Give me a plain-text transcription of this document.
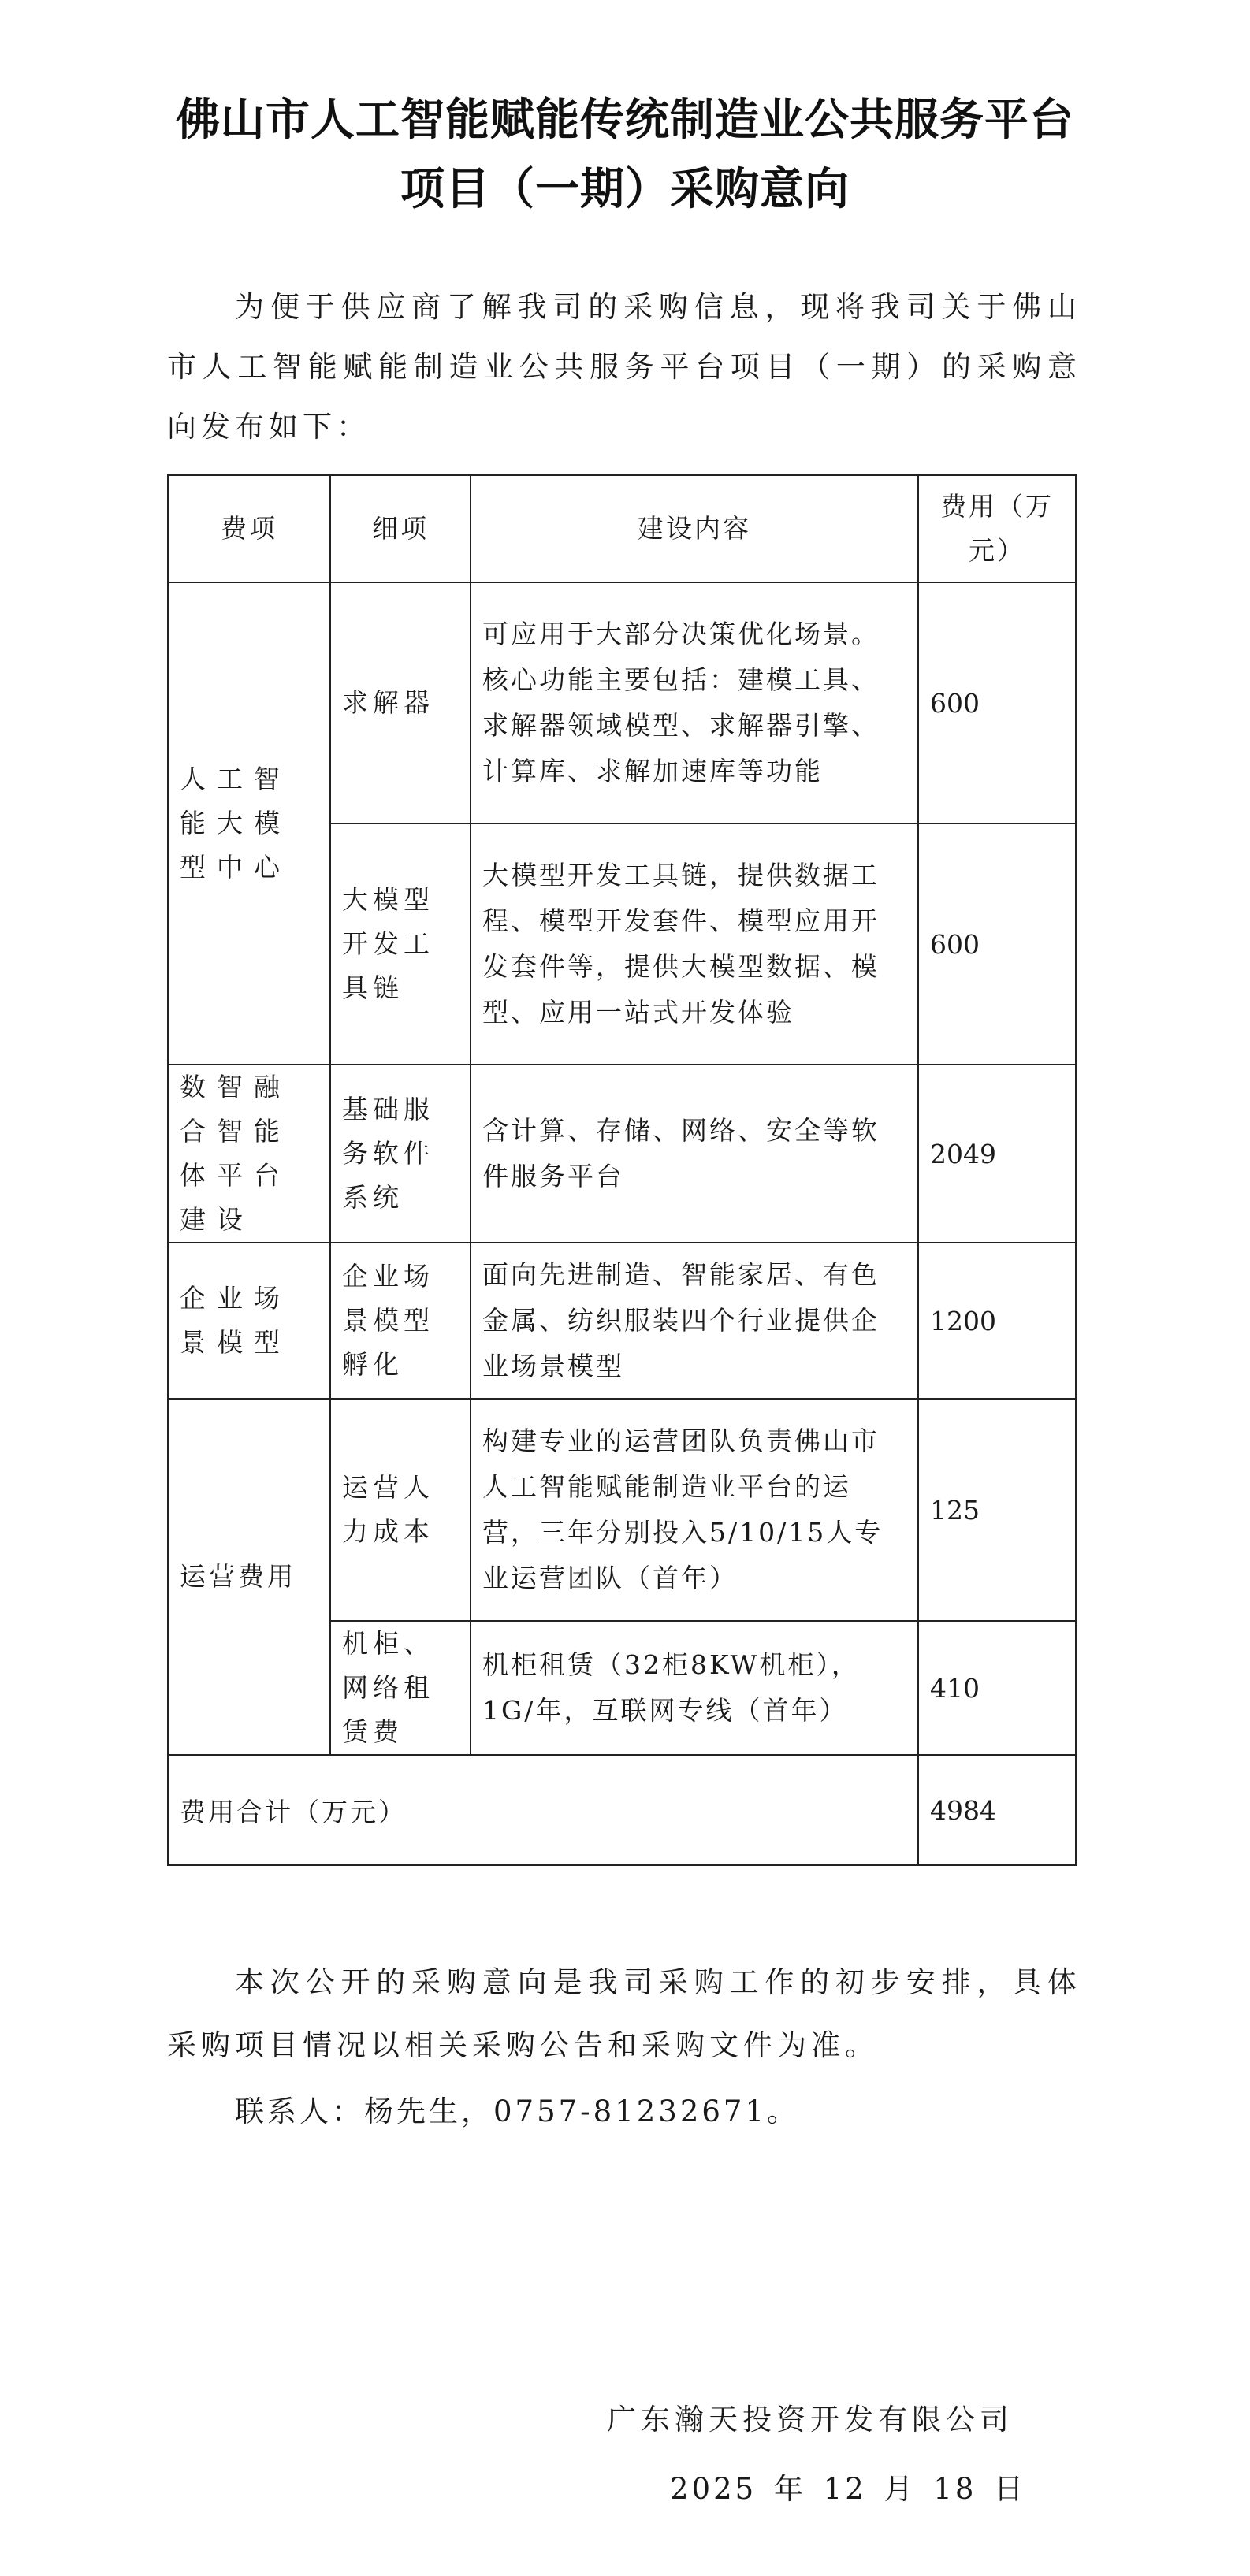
佛山市人工智能赋能传统制造业公共服务平台
项目（一期）采购意向

为便于供应商了解我司的采购信息，现将我司关于佛山市人工智能赋能制造业公共服务平台项目（一期）的采购意向发布如下：

费项	细项	建设内容	费用（万元）
人工智能大模型中心	求解器	可应用于大部分决策优化场景。核心功能主要包括：建模工具、求解器领域模型、求解器引擎、计算库、求解加速库等功能	600
	大模型开发工具链	大模型开发工具链，提供数据工程、模型开发套件、模型应用开发套件等，提供大模型数据、模型、应用一站式开发体验	600
数智融合智能体平台建设	基础服务软件系统	含计算、存储、网络、安全等软件服务平台	2049
企业场景模型	企业场景模型孵化	面向先进制造、智能家居、有色金属、纺织服装四个行业提供企业场景模型	1200
运营费用	运营人力成本	构建专业的运营团队负责佛山市人工智能赋能制造业平台的运营，三年分别投入5/10/15人专业运营团队（首年）	125
	机柜、网络租赁费	机柜租赁（32柜8KW机柜），1G/年，互联网专线（首年）	410
费用合计（万元）			4984

本次公开的采购意向是我司采购工作的初步安排，具体采购项目情况以相关采购公告和采购文件为准。

联系人：杨先生，0757-81232671。
广东瀚天投资开发有限公司
2025 年 12 月 18 日
